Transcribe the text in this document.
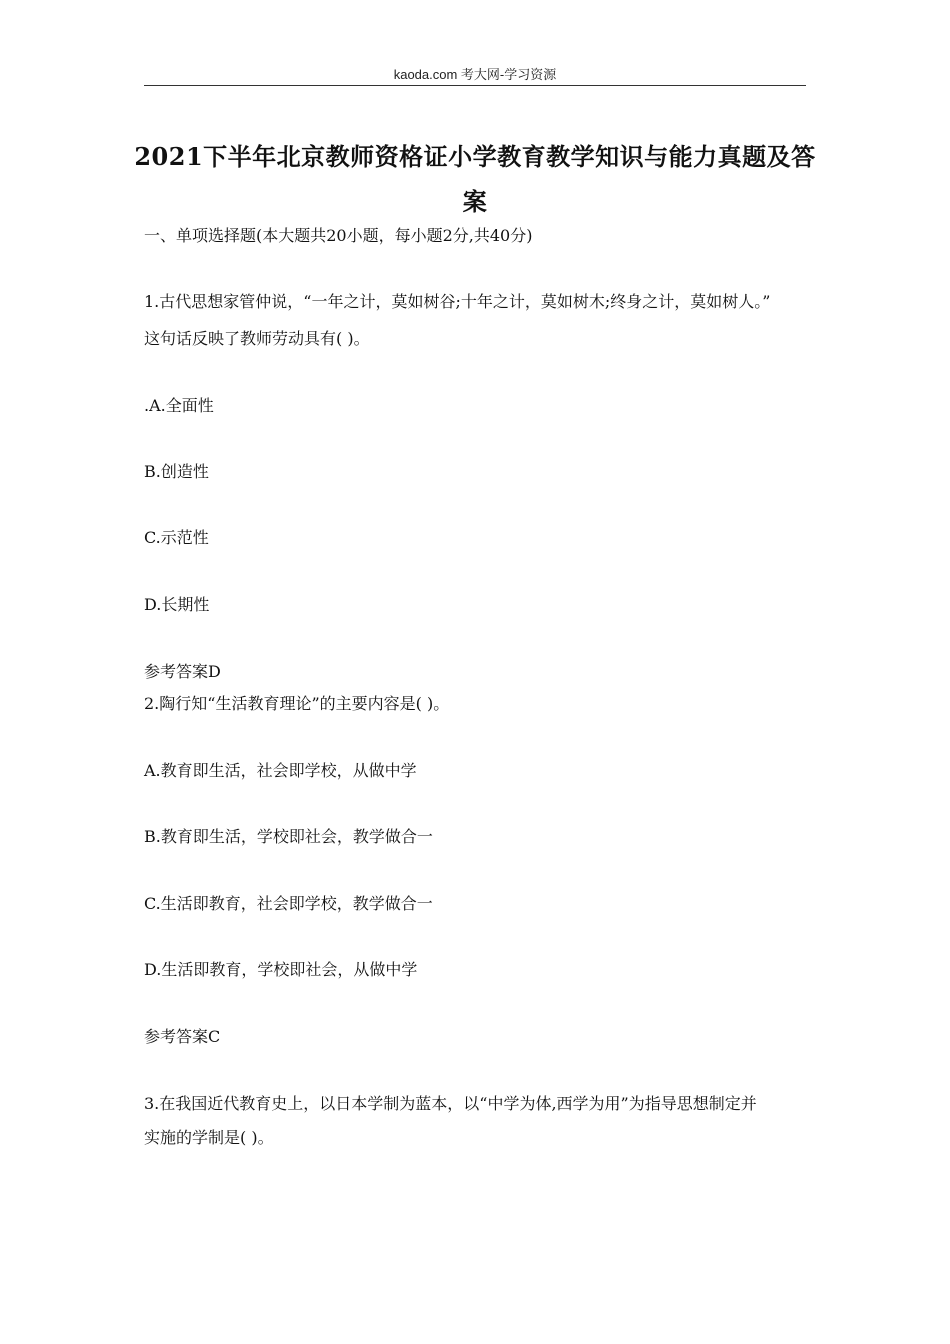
kaoda.com 考大网-学习资源
2021下半年北京教师资格证小学教育教学知识与能力真题及答
案
一、单项选择题(本大题共20小题，每小题2分,共40分)
1.古代思想家管仲说，“一年之计，莫如树谷;十年之计，莫如树木;终身之计，莫如树人。”
这句话反映了教师劳动具有( )。
.A.全面性
B.创造性
C.示范性
D.长期性
参考答案D
2.陶行知“生活教育理论”的主要内容是( )。
A.教育即生活，社会即学校，从做中学
B.教育即生活，学校即社会，教学做合一
C.生活即教育，社会即学校，教学做合一
D.生活即教育，学校即社会，从做中学
参考答案C
3.在我国近代教育史上，以日本学制为蓝本，以“中学为体,西学为用”为指导思想制定并
实施的学制是( )。
